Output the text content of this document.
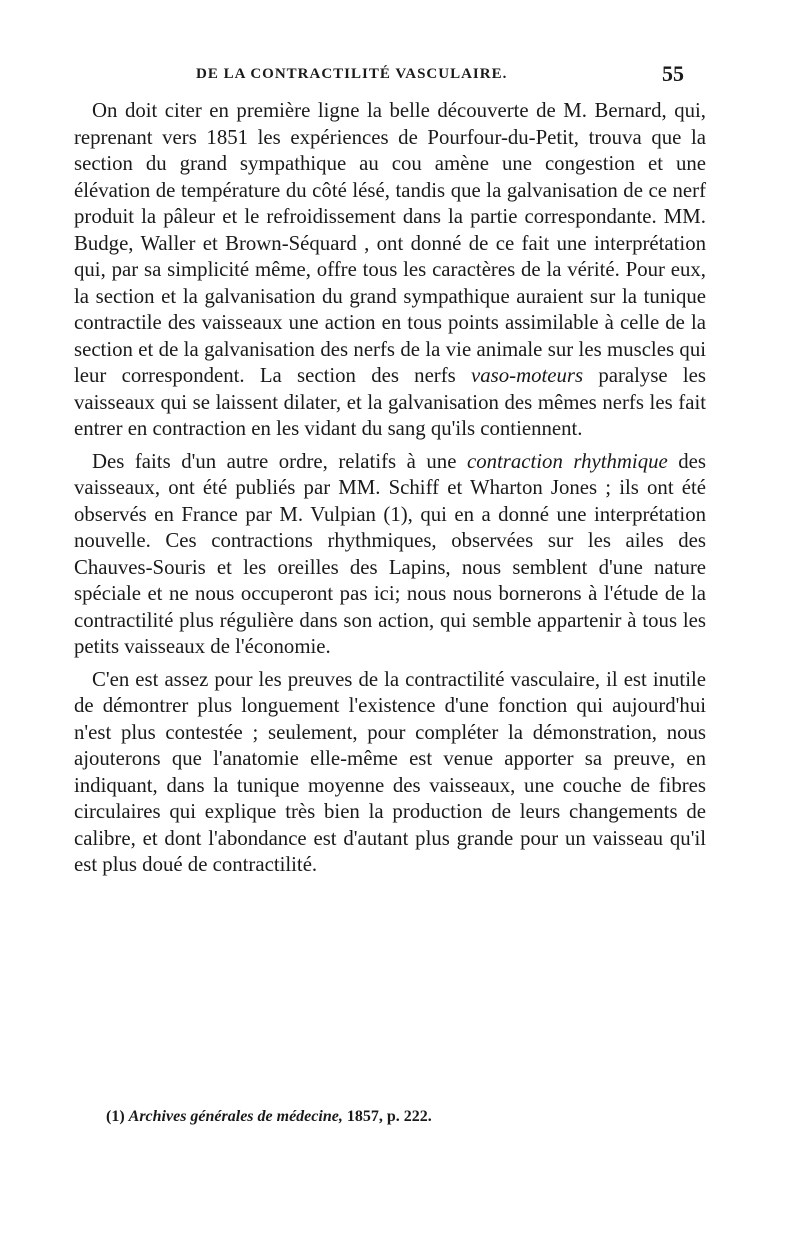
DE LA CONTRACTILITÉ VASCULAIRE.	55

On doit citer en première ligne la belle découverte de M. Bernard, qui, reprenant vers 1851 les expériences de Pourfour-du-Petit, trouva que la section du grand sympathique au cou amène une congestion et une élévation de température du côté lésé, tandis que la galvanisation de ce nerf produit la pâleur et le refroidissement dans la partie correspondante. MM. Budge, Waller et Brown-Séquard , ont donné de ce fait une interprétation qui, par sa simplicité même, offre tous les caractères de la vérité. Pour eux, la section et la galvanisation du grand sympathique auraient sur la tunique contractile des vaisseaux une action en tous points assimilable à celle de la section et de la galvanisation des nerfs de la vie animale sur les muscles qui leur correspondent. La section des nerfs vaso-moteurs paralyse les vaisseaux qui se laissent dilater, et la galvanisation des mêmes nerfs les fait entrer en contraction en les vidant du sang qu'ils contiennent.

Des faits d'un autre ordre, relatifs à une contraction rhythmique des vaisseaux, ont été publiés par MM. Schiff et Wharton Jones ; ils ont été observés en France par M. Vulpian (1), qui en a donné une interprétation nouvelle. Ces contractions rhythmiques, observées sur les ailes des Chauves-Souris et les oreilles des Lapins, nous semblent d'une nature spéciale et ne nous occuperont pas ici; nous nous bornerons à l'étude de la contractilité plus régulière dans son action, qui semble appartenir à tous les petits vaisseaux de l'économie.

C'en est assez pour les preuves de la contractilité vasculaire, il est inutile de démontrer plus longuement l'existence d'une fonction qui aujourd'hui n'est plus contestée ; seulement, pour compléter la démonstration, nous ajouterons que l'anatomie elle-même est venue apporter sa preuve, en indiquant, dans la tunique moyenne des vaisseaux, une couche de fibres circulaires qui explique très bien la production de leurs changements de calibre, et dont l'abondance est d'autant plus grande pour un vaisseau qu'il est plus doué de contractilité.

(1) Archives générales de médecine, 1857, p. 222.
